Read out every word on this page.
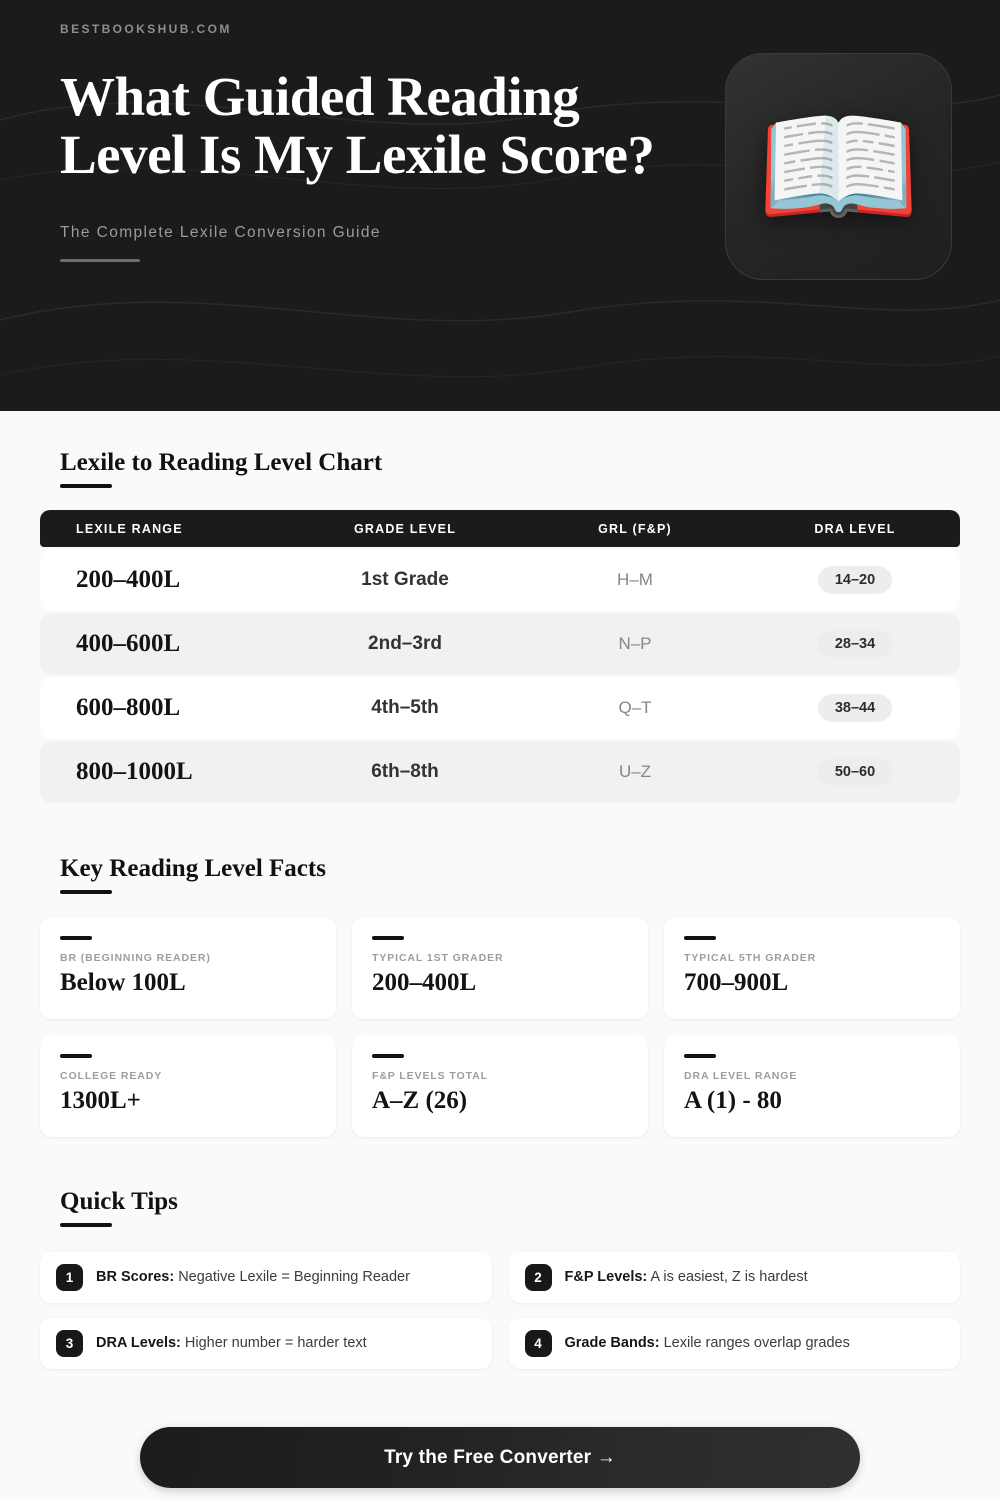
BESTBOOKSHUB.COM
What Guided Reading Level Is My Lexile Score?
The Complete Lexile Conversion Guide	📖
Lexile to Reading Level Chart
LEXILE RANGE	GRADE LEVEL	GRL (F&P)	DRA LEVEL
200–400L	1st Grade	H–M	14–20
400–600L	2nd–3rd	N–P	28–34
600–800L	4th–5th	Q–T	38–44
800–1000L	6th–8th	U–Z	50–60
Key Reading Level Facts
BR (BEGINNING READER)
Below 100L
TYPICAL 1ST GRADER
200–400L
TYPICAL 5TH GRADER
700–900L
COLLEGE READY
1300L+
F&P LEVELS TOTAL
A–Z (26)
DRA LEVEL RANGE
A (1) - 80
Quick Tips
1	BR Scores: Negative Lexile = Beginning Reader	2	F&P Levels: A is easiest, Z is hardest
3	DRA Levels: Higher number = harder text	4	Grade Bands: Lexile ranges overlap grades
Try the Free Converter →
